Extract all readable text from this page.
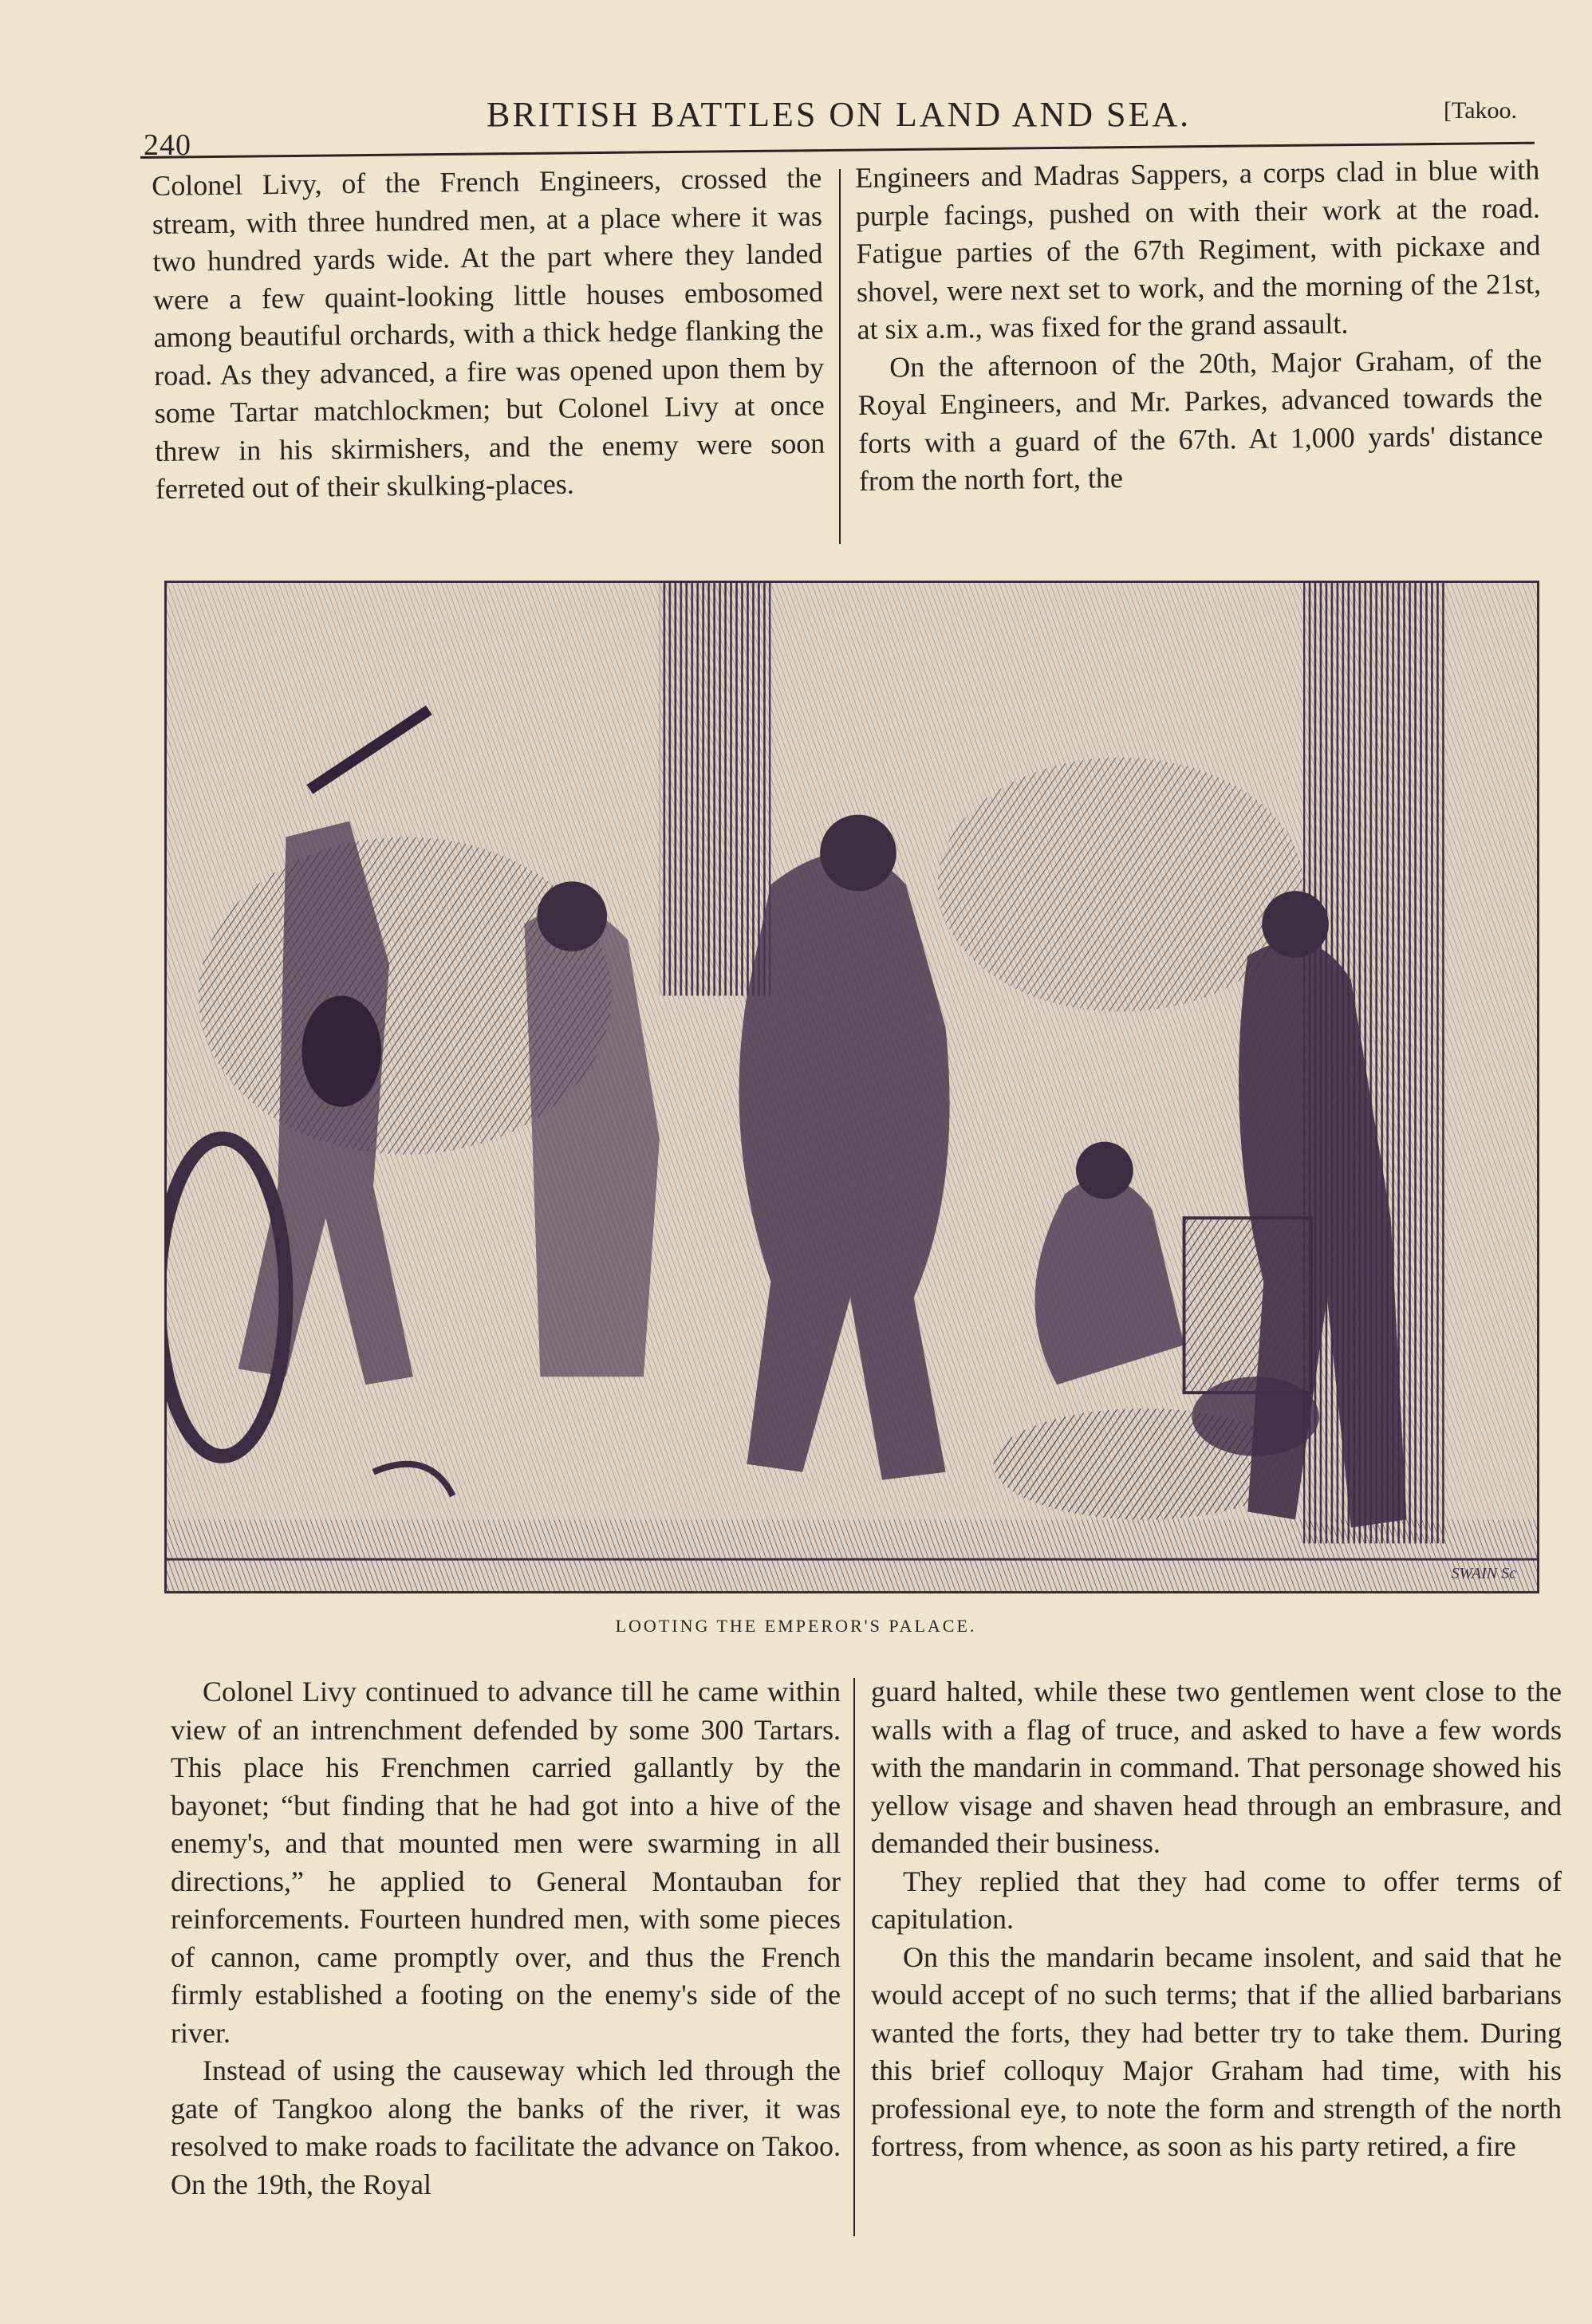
240
BRITISH BATTLES ON LAND AND SEA.	[Takoo.

Colonel Livy, of the French Engineers, crossed the stream, with three hundred men, at a place where it was two hundred yards wide. At the part where they landed were a few quaint-looking little houses embosomed among beautiful orchards, with a thick hedge flanking the road. As they advanced, a fire was opened upon them by some Tartar matchlockmen; but Colonel Livy at once threw in his skirmishers, and the enemy were soon ferreted out of their skulking-places.

Engineers and Madras Sappers, a corps clad in blue with purple facings, pushed on with their work at the road. Fatigue parties of the 67th Regiment, with pickaxe and shovel, were next set to work, and the morning of the 21st, at six a.m., was fixed for the grand assault.

On the afternoon of the 20th, Major Graham, of the Royal Engineers, and Mr. Parkes, advanced towards the forts with a guard of the 67th. At 1,000 yards' distance from the north fort, the

SWAIN Sc
LOOTING THE EMPEROR'S PALACE.

Colonel Livy continued to advance till he came within view of an intrenchment defended by some 300 Tartars. This place his Frenchmen carried gallantly by the bayonet; “but finding that he had got into a hive of the enemy's, and that mounted men were swarming in all directions,” he applied to General Montauban for reinforcements. Fourteen hundred men, with some pieces of cannon, came promptly over, and thus the French firmly established a footing on the enemy's side of the river.

Instead of using the causeway which led through the gate of Tangkoo along the banks of the river, it was resolved to make roads to facilitate the advance on Takoo. On the 19th, the Royal

guard halted, while these two gentlemen went close to the walls with a flag of truce, and asked to have a few words with the mandarin in command. That personage showed his yellow visage and shaven head through an embrasure, and demanded their business.

They replied that they had come to offer terms of capitulation.

On this the mandarin became insolent, and said that he would accept of no such terms; that if the allied barbarians wanted the forts, they had better try to take them. During this brief colloquy Major Graham had time, with his professional eye, to note the form and strength of the north fortress, from whence, as soon as his party retired, a fire
